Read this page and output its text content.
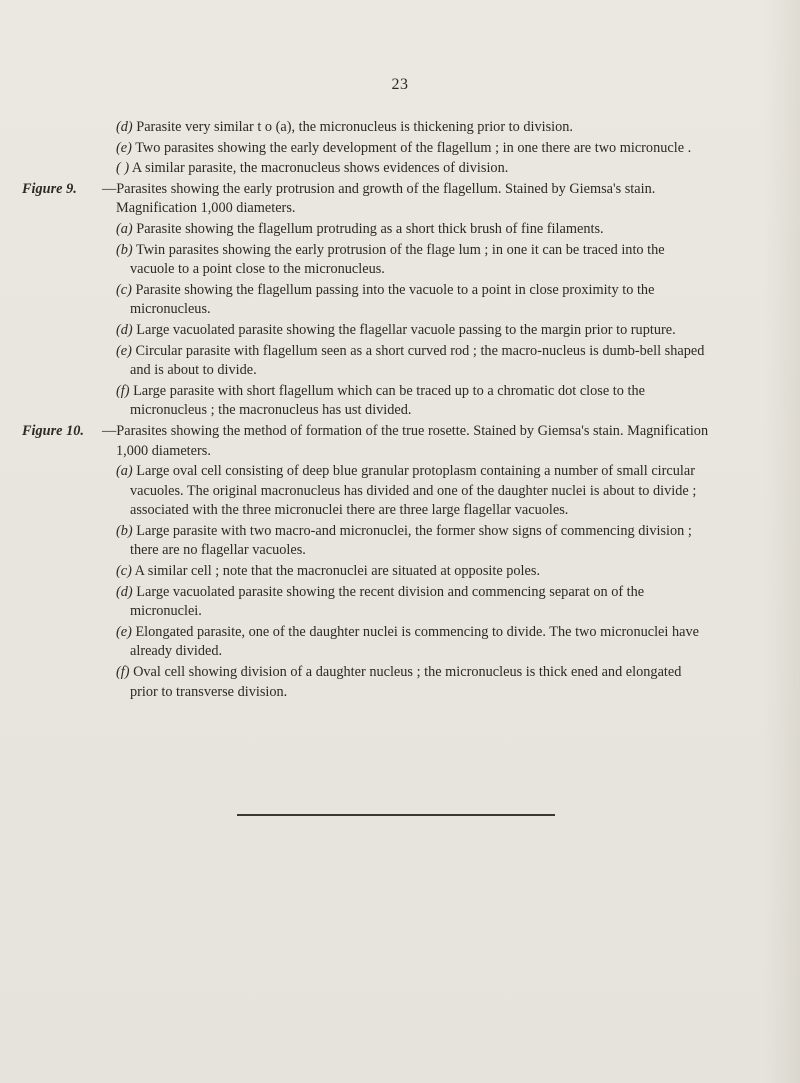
23
(d) Parasite very similar t o (a), the micronucleus is thickening prior to division.
(e) Two parasites showing the early development of the flagellum ; in one there are two micronucle .
( ) A similar parasite, the macronucleus shows evidences of division.
Figure 9. —Parasites showing the early protrusion and growth of the flagellum. Stained by Giemsa's stain. Magnification 1,000 diameters.
(a) Parasite showing the flagellum protruding as a short thick brush of fine filaments.
(b) Twin parasites showing the early protrusion of the flage lum ; in one it can be traced into the vacuole to a point close to the micronucleus.
(c) Parasite showing the flagellum passing into the vacuole to a point in close proximity to the micronucleus.
(d) Large vacuolated parasite showing the flagellar vacuole passing to the margin prior to rupture.
(e) Circular parasite with flagellum seen as a short curved rod ; the macro-nucleus is dumb-bell shaped and is about to divide.
(f) Large parasite with short flagellum which can be traced up to a chromatic dot close to the micronucleus ; the macronucleus has ust divided.
Figure 10. —Parasites showing the method of formation of the true rosette. Stained by Giemsa's stain. Magnification 1,000 diameters.
(a) Large oval cell consisting of deep blue granular protoplasm containing a number of small circular vacuoles. The original macronucleus has divided and one of the daughter nuclei is about to divide ; associated with the three micronuclei there are three large flagellar vacuoles.
(b) Large parasite with two macro-and micronuclei, the former show signs of commencing division ; there are no flagellar vacuoles.
(c) A similar cell ; note that the macronuclei are situated at opposite poles.
(d) Large vacuolated parasite showing the recent division and commencing separat on of the micronuclei.
(e) Elongated parasite, one of the daughter nuclei is commencing to divide. The two micronuclei have already divided.
(f) Oval cell showing division of a daughter nucleus ; the micronucleus is thick ened and elongated prior to transverse division.
